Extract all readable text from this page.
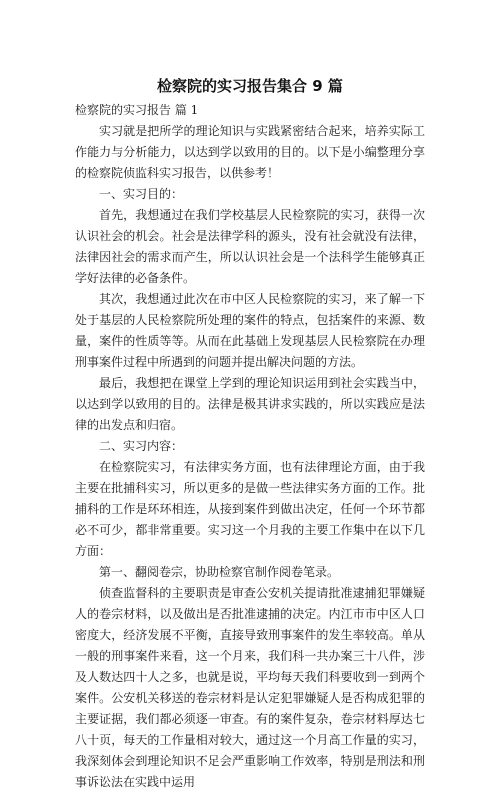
检察院的实习报告集合 9 篇

检察院的实习报告 篇 1

实习就是把所学的理论知识与实践紧密结合起来，培养实际工作能力与分析能力，以达到学以致用的目的。以下是小编整理分享的检察院侦监科实习报告，以供参考！

一、实习目的：

首先，我想通过在我们学校基层人民检察院的实习，获得一次认识社会的机会。社会是法律学科的源头，没有社会就没有法律，法律因社会的需求而产生，所以认识社会是一个法科学生能够真正学好法律的必备条件。

其次，我想通过此次在市中区人民检察院的实习，来了解一下处于基层的人民检察院所处理的案件的特点，包括案件的来源、数量，案件的性质等等。从而在此基础上发现基层人民检察院在办理刑事案件过程中所遇到的问题并提出解决问题的方法。

最后，我想把在课堂上学到的理论知识运用到社会实践当中，以达到学以致用的目的。法律是极其讲求实践的，所以实践应是法律的出发点和归宿。

二、实习内容：

在检察院实习，有法律实务方面，也有法律理论方面，由于我主要在批捕科实习，所以更多的是做一些法律实务方面的工作。批捕科的工作是环环相连，从接到案件到做出决定，任何一个环节都必不可少，都非常重要。实习这一个月我的主要工作集中在以下几方面：

第一、翻阅卷宗，协助检察官制作阅卷笔录。

侦查监督科的主要职责是审查公安机关提请批准逮捕犯罪嫌疑人的卷宗材料，以及做出是否批准逮捕的决定。内江市市中区人口密度大，经济发展不平衡，直接导致刑事案件的发生率较高。单从一般的刑事案件来看，这一个月来，我们科一共办案三十八件，涉及人数达四十人之多，也就是说，平均每天我们科要收到一到两个案件。公安机关移送的卷宗材料是认定犯罪嫌疑人是否构成犯罪的主要证据，我们都必须逐一审查。有的案件复杂，卷宗材料厚达七八十页，每天的工作量相对较大，通过这一个月高工作量的实习，我深刻体会到理论知识不足会严重影响工作效率，特别是刑法和刑事诉讼法在实践中运用
